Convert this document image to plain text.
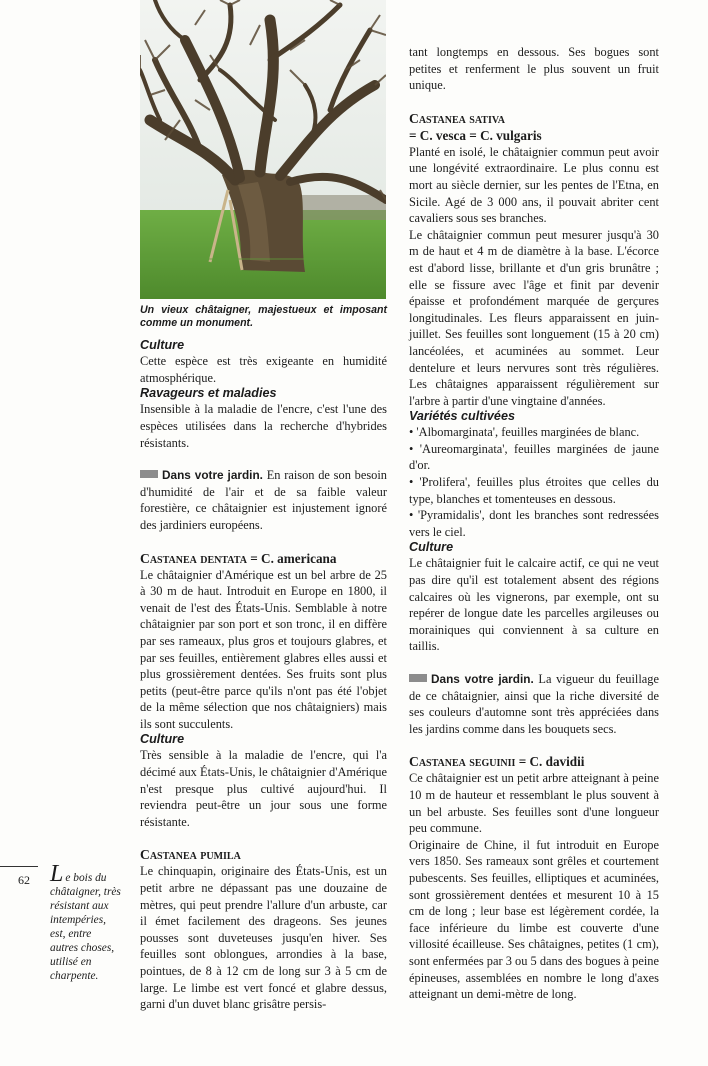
Un vieux châtaigner, majestueux et imposant comme un monument.

Culture

Cette espèce est très exigeante en humidité atmosphérique.

Ravageurs et maladies

Insensible à la maladie de l'encre, c'est l'une des espèces utilisées dans la recherche d'hybrides résistants.

Dans votre jardin. En raison de son besoin d'humidité de l'air et de sa faible valeur forestière, ce châtaignier est injustement ignoré des jardiniers européens.

Castanea dentata = C. americana

Le châtaignier d'Amérique est un bel arbre de 25 à 30 m de haut. Introduit en Europe en 1800, il venait de l'est des États-Unis. Semblable à notre châtaignier par son port et son tronc, il en diffère par ses rameaux, plus gros et toujours glabres, et par ses feuilles, entièrement glabres elles aussi et plus grossièrement dentées. Ses fruits sont plus petits (peut-être parce qu'ils n'ont pas été l'objet de la même sélection que nos châtaigniers) mais ils sont succulents.

Culture

Très sensible à la maladie de l'encre, qui l'a décimé aux États-Unis, le châtaignier d'Amérique n'est presque plus cultivé aujourd'hui. Il reviendra peut-être un jour sous une forme résistante.

Castanea pumila

Le chinquapin, originaire des États-Unis, est un petit arbre ne dépassant pas une douzaine de mètres, qui peut prendre l'allure d'un arbuste, car il émet facilement des drageons. Ses jeunes pousses sont duveteuses jusqu'en hiver. Ses feuilles sont oblongues, arrondies à la base, pointues, de 8 à 12 cm de long sur 3 à 5 cm de large. Le limbe est vert foncé et glabre dessus, garni d'un duvet blanc grisâtre persis-

tant longtemps en dessous. Ses bogues sont petites et renferment le plus souvent un fruit unique.

Castanea sativa

= C. vesca = C. vulgaris

Planté en isolé, le châtaignier commun peut avoir une longévité extraordinaire. Le plus connu est mort au siècle dernier, sur les pentes de l'Etna, en Sicile. Agé de 3 000 ans, il pouvait abriter cent cavaliers sous ses branches.

Le châtaignier commun peut mesurer jusqu'à 30 m de haut et 4 m de diamètre à la base. L'écorce est d'abord lisse, brillante et d'un gris brunâtre ; elle se fissure avec l'âge et finit par devenir épaisse et profondément marquée de gerçures longitudinales. Les fleurs apparaissent en juin-juillet. Ses feuilles sont longuement (15 à 20 cm) lancéolées, et acuminées au sommet. Leur dentelure et leurs nervures sont très régulières. Les châtaignes apparaissent régulièrement sur l'arbre à partir d'une vingtaine d'années.

Variétés cultivées

• 'Albomarginata', feuilles marginées de blanc.

• 'Aureomarginata', feuilles marginées de jaune d'or.

• 'Prolifera', feuilles plus étroites que celles du type, blanches et tomenteuses en dessous.

• 'Pyramidalis', dont les branches sont redressées vers le ciel.

Culture

Le châtaignier fuit le calcaire actif, ce qui ne veut pas dire qu'il est totalement absent des régions calcaires où les vignerons, par exemple, ont su repérer de longue date les parcelles argileuses ou morainiques qui conviennent à sa culture en taillis.

Dans votre jardin. La vigueur du feuillage de ce châtaignier, ainsi que la riche diversité de ses couleurs d'automne sont très appréciées dans les jardins comme dans les bouquets secs.

Castanea seguinii = C. davidii

Ce châtaignier est un petit arbre atteignant à peine 10 m de hauteur et ressemblant le plus souvent à un bel arbuste. Ses feuilles sont d'une longueur peu commune.

Originaire de Chine, il fut introduit en Europe vers 1850. Ses rameaux sont grêles et courtement pubescents. Ses feuilles, elliptiques et acuminées, sont grossièrement dentées et mesurent 10 à 15 cm de long ; leur base est légèrement cordée, la face inférieure du limbe est couverte d'une villosité écailleuse. Ses châtaignes, petites (1 cm), sont enfermées par 3 ou 5 dans des bogues à peine épineuses, assemblées en nombre le long d'axes atteignant un demi-mètre de long.

62 Le bois du châtaigner, très résistant aux intempéries, est, entre autres choses, utilisé en charpente.
